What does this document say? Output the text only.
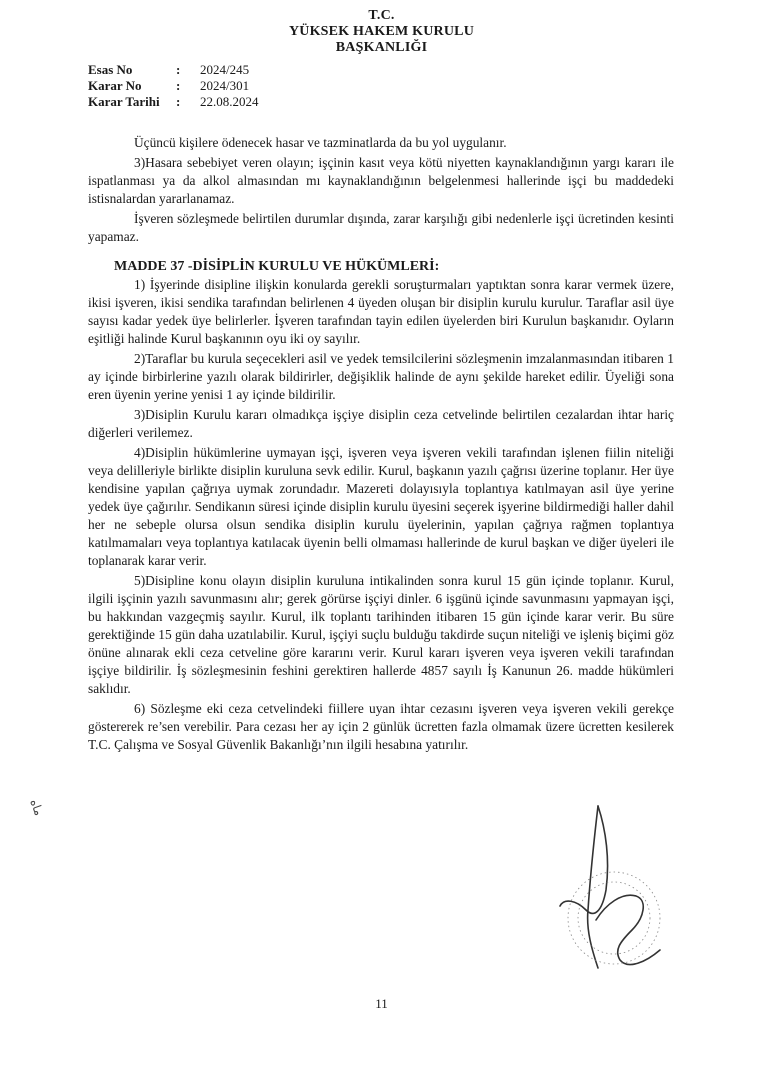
T.C.
YÜKSEK HAKEM KURULU
BAŞKANLIĞI
Esas No	:	2024/245
Karar No	:	2024/301
Karar Tarihi	:	22.08.2024

Üçüncü kişilere ödenecek hasar ve tazminatlarda da bu yol uygulanır.

3)Hasara sebebiyet veren olayın; işçinin kasıt veya kötü niyetten kaynaklandığının yargı kararı ile ispatlanması ya da alkol almasından mı kaynaklandığının belgelenmesi hallerinde işçi bu maddedeki istisnalardan yararlanamaz.

İşveren sözleşmede belirtilen durumlar dışında, zarar karşılığı gibi nedenlerle işçi ücretinden kesinti yapamaz.

MADDE 37 -DİSİPLİN KURULU VE HÜKÜMLERİ:

1) İşyerinde disipline ilişkin konularda gerekli soruşturmaları yaptıktan sonra karar vermek üzere, ikisi işveren, ikisi sendika tarafından belirlenen 4 üyeden oluşan bir disiplin kurulu kurulur. Taraflar asil üye sayısı kadar yedek üye belirlerler. İşveren tarafından tayin edilen üyelerden biri Kurulun başkanıdır. Oyların eşitliği halinde Kurul başkanının oyu iki oy sayılır.

2)Taraflar bu kurula seçecekleri asil ve yedek temsilcilerini sözleşmenin imzalanmasından itibaren 1 ay içinde birbirlerine yazılı olarak bildirirler, değişiklik halinde de aynı şekilde hareket edilir. Üyeliği sona eren üyenin yerine yenisi 1 ay içinde bildirilir.

3)Disiplin Kurulu kararı olmadıkça işçiye disiplin ceza cetvelinde belirtilen cezalardan ihtar hariç diğerleri verilemez.

4)Disiplin hükümlerine uymayan işçi, işveren veya işveren vekili tarafından işlenen fiilin niteliği veya delilleriyle birlikte disiplin kuruluna sevk edilir. Kurul, başkanın yazılı çağrısı üzerine toplanır. Her üye kendisine yapılan çağrıya uymak zorundadır. Mazereti dolayısıyla toplantıya katılmayan asil üye yerine yedek üye çağırılır. Sendikanın süresi içinde disiplin kurulu üyesini seçerek işyerine bildirmediği haller dahil her ne sebeple olursa olsun sendika disiplin kurulu üyelerinin, yapılan çağrıya rağmen toplantıya katılmamaları veya toplantıya katılacak üyenin belli olmaması hallerinde de kurul başkan ve diğer üyeleri ile toplanarak karar verir.

5)Disipline konu olayın disiplin kuruluna intikalinden sonra kurul 15 gün içinde toplanır. Kurul, ilgili işçinin yazılı savunmasını alır; gerek görürse işçiyi dinler. 6 işgünü içinde savunmasını yapmayan işçi, bu hakkından vazgeçmiş sayılır. Kurul, ilk toplantı tarihinden itibaren 15 gün içinde karar verir. Bu süre gerektiğinde 15 gün daha uzatılabilir. Kurul, işçiyi suçlu bulduğu takdirde suçun niteliği ve işleniş biçimi göz önüne alınarak ekli ceza cetveline göre kararını verir. Kurul kararı işveren veya işveren vekili tarafından işçiye bildirilir. İş sözleşmesinin feshini gerektiren hallerde 4857 sayılı İş Kanunun 26. madde hükümleri saklıdır.

6) Sözleşme eki ceza cetvelindeki fiillere uyan ihtar cezasını işveren veya işveren vekili gerekçe göstererek re’sen verebilir. Para cezası her ay için 2 günlük ücretten fazla olmamak üzere ücretten kesilerek T.C. Çalışma ve Sosyal Güvenlik Bakanlığı’nın ilgili hesabına yatırılır.

ماه
11
